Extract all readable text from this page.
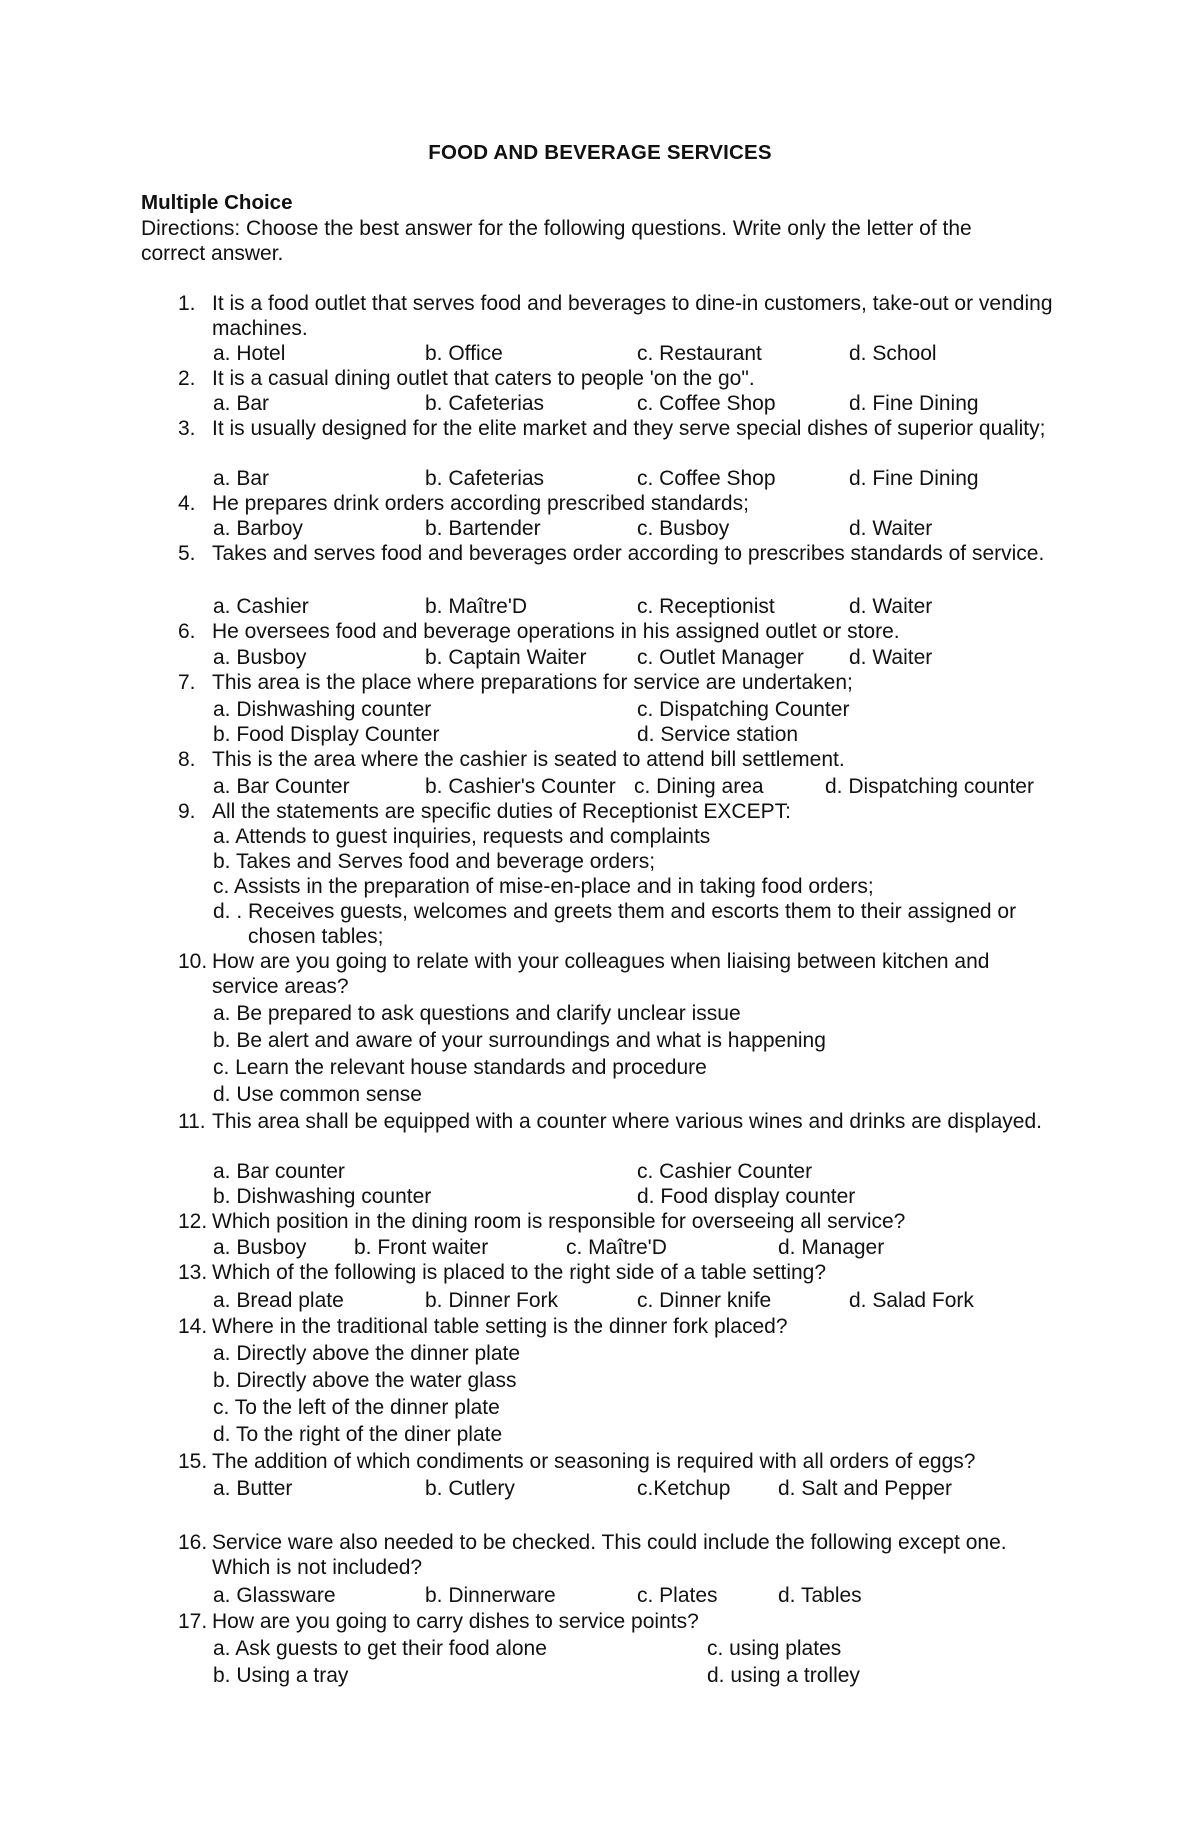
FOOD AND BEVERAGE SERVICES
Multiple Choice
Directions: Choose the best answer for the following questions. Write only the letter of the correct answer.
1. It is a food outlet that serves food and beverages to dine-in customers, take-out or vending machines.
a. Hotel	b. Office	c. Restaurant	d. School
2. It is a casual dining outlet that caters to people 'on the go".
a. Bar	b. Cafeterias	c. Coffee Shop	d. Fine Dining
3. It is usually designed for the elite market and they serve special dishes of superior quality;
a. Bar	b. Cafeterias	c. Coffee Shop	d. Fine Dining
4. He prepares drink orders according prescribed standards;
a. Barboy	b. Bartender	c. Busboy	d. Waiter
5. Takes and serves food and beverages order according to prescribes standards of service.
a. Cashier	b. Maître'D	c. Receptionist	d. Waiter
6. He oversees food and beverage operations in his assigned outlet or store.
a. Busboy	b. Captain Waiter c. Outlet Manager d. Waiter
7. This area is the place where preparations for service are undertaken;
a. Dishwashing counter	c. Dispatching Counter
b. Food Display Counter	d. Service station
8. This is the area where the cashier is seated to attend bill settlement.
a. Bar Counter	b. Cashier's Counter c. Dining area	d. Dispatching counter
9. All the statements are specific duties of Receptionist EXCEPT:
a. Attends to guest inquiries, requests and complaints
b. Takes and Serves food and beverage orders;
c. Assists in the preparation of mise-en-place and in taking food orders;
d. . Receives guests, welcomes and greets them and escorts them to their assigned or
chosen tables;
10. How are you going to relate with your colleagues when liaising between kitchen and service areas?
a. Be prepared to ask questions and clarify unclear issue
b. Be alert and aware of your surroundings and what is happening
c. Learn the relevant house standards and procedure
d. Use common sense
11. This area shall be equipped with a counter where various wines and drinks are displayed.
a. Bar counter	c. Cashier Counter
b. Dishwashing counter	d. Food display counter
12. Which position in the dining room is responsible for overseeing all service?
a. Busboy b. Front waiter	c. Maître'D	d. Manager
13. Which of the following is placed to the right side of a table setting?
a. Bread plate	b. Dinner Fork	c. Dinner knife	d. Salad Fork
14. Where in the traditional table setting is the dinner fork placed?
a. Directly above the dinner plate
b. Directly above the water glass
c. To the left of the dinner plate
d. To the right of the diner plate
15. The addition of which condiments or seasoning is required with all orders of eggs?
a. Butter	b. Cutlery	c.Ketchup d. Salt and Pepper
16. Service ware also needed to be checked. This could include the following except one. Which is not included?
a. Glassware	b. Dinnerware	c. Plates	d. Tables
17. How are you going to carry dishes to service points?
a. Ask guests to get their food alone	c. using plates
b. Using a tray	d. using a trolley
